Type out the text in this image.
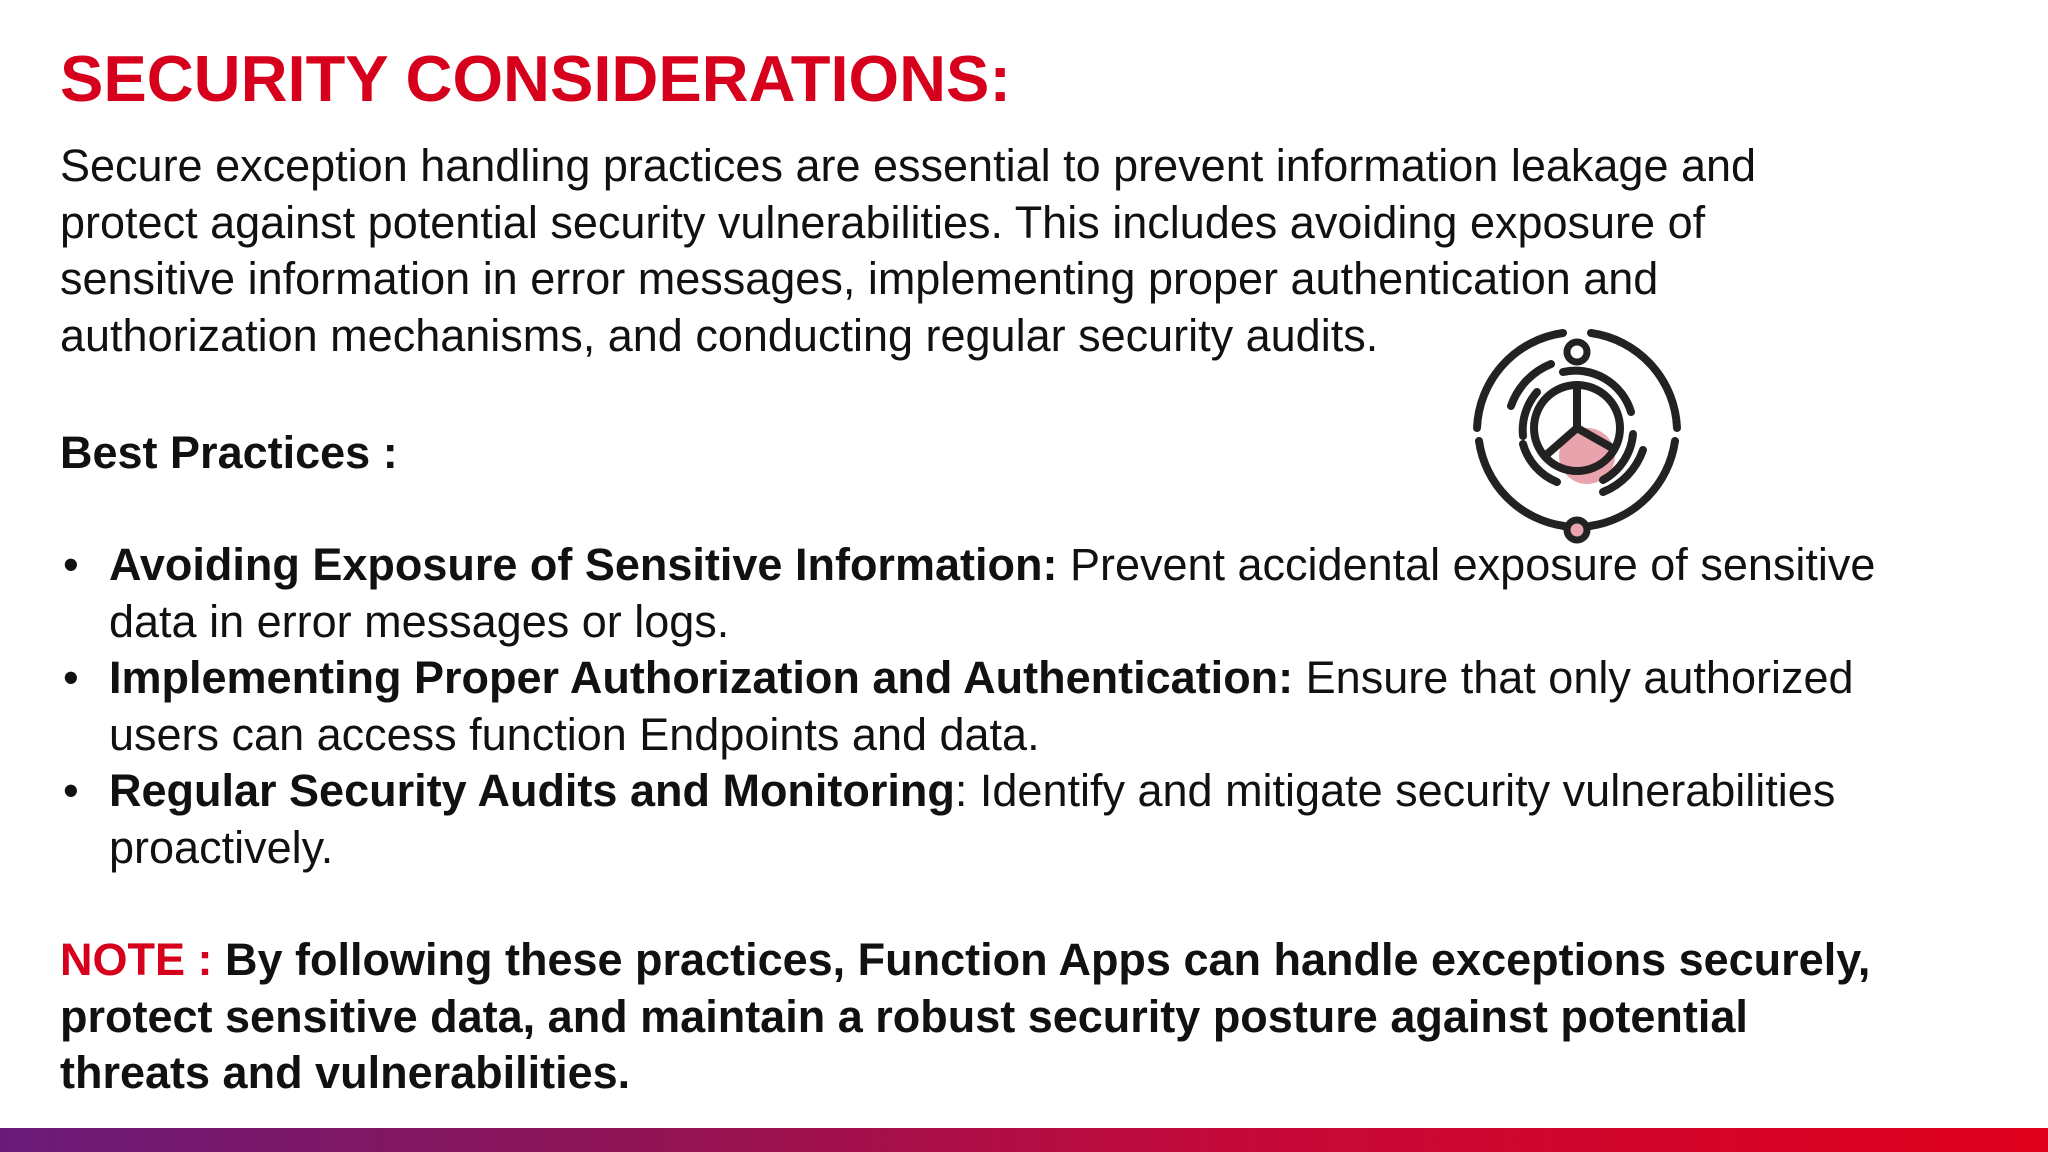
SECURITY CONSIDERATIONS:

Secure exception handling practices are essential to prevent information leakage and
protect against potential security vulnerabilities. This includes avoiding exposure of
sensitive information in error messages, implementing proper authentication and
authorization mechanisms, and conducting regular security audits.

Best Practices :
• Avoiding Exposure of Sensitive Information: Prevent accidental exposure of sensitive
data in error messages or logs.
• Implementing Proper Authorization and Authentication: Ensure that only authorized
users can access function Endpoints and data.
• Regular Security Audits and Monitoring: Identify and mitigate security vulnerabilities
proactively.

NOTE : By following these practices, Function Apps can handle exceptions securely,
protect sensitive data, and maintain a robust security posture against potential
threats and vulnerabilities.
